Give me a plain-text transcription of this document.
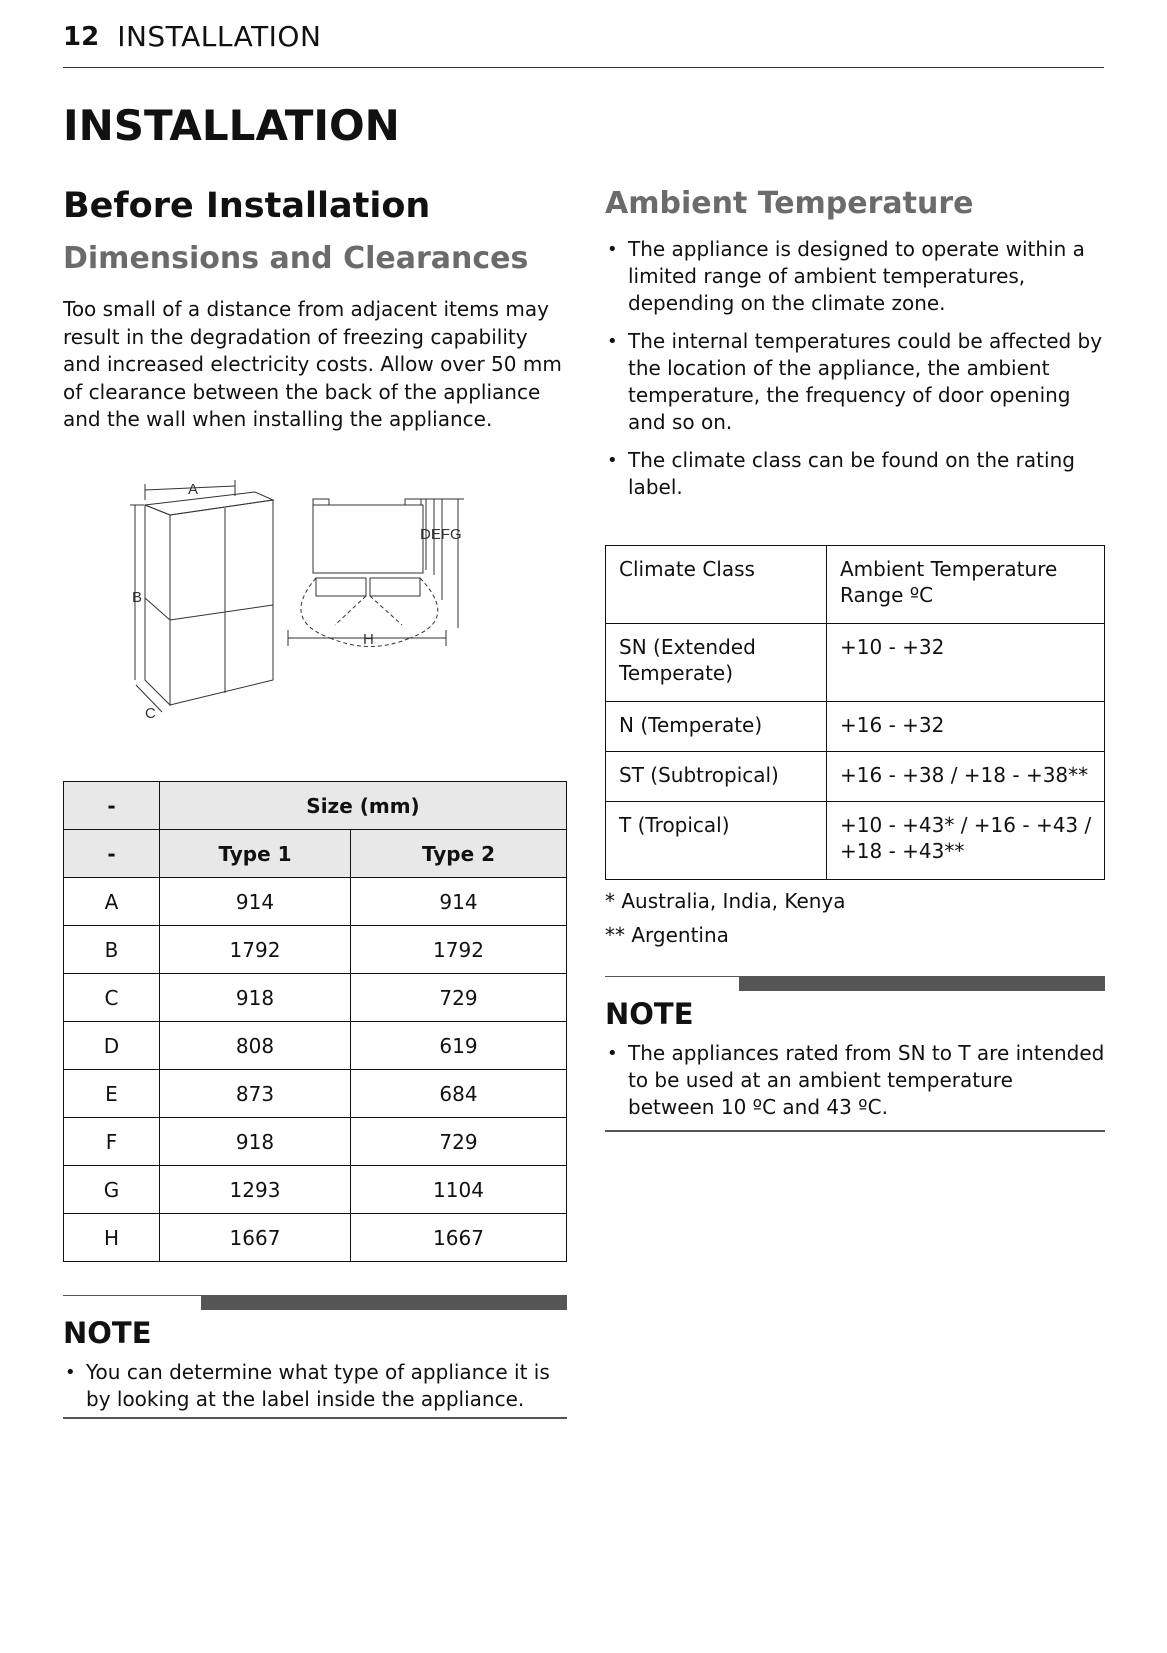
12 INSTALLATION
INSTALLATION
Before Installation
Dimensions and Clearances

Too small of a distance from adjacent items may result in the degradation of freezing capability and increased electricity costs. Allow over 50 mm of clearance between the back of the appliance and the wall when installing the appliance.

A
B
C
DEFG
H
-	Size (mm)	
-	Type 1	Type 2
A	914	914
B	1792	1792
C	918	729
D	808	619
E	873	684
F	918	729
G	1293	1104
H	1667	1667
NOTE
• You can determine what type of appliance it is by looking at the label inside the appliance.
Ambient Temperature
• The appliance is designed to operate within a limited range of ambient temperatures, depending on the climate zone.
• The internal temperatures could be affected by the location of the appliance, the ambient temperature, the frequency of door opening and so on.
• The climate class can be found on the rating label.
Climate Class	Ambient Temperature Range ºC
SN (Extended Temperate)	+10 - +32
N (Temperate)	+16 - +32
ST (Subtropical)	+16 - +38 / +18 - +38**
T (Tropical)	+10 - +43* / +16 - +43 / +18 - +43**
* Australia, India, Kenya
** Argentina
NOTE
• The appliances rated from SN to T are intended to be used at an ambient temperature between 10 ºC and 43 ºC.
